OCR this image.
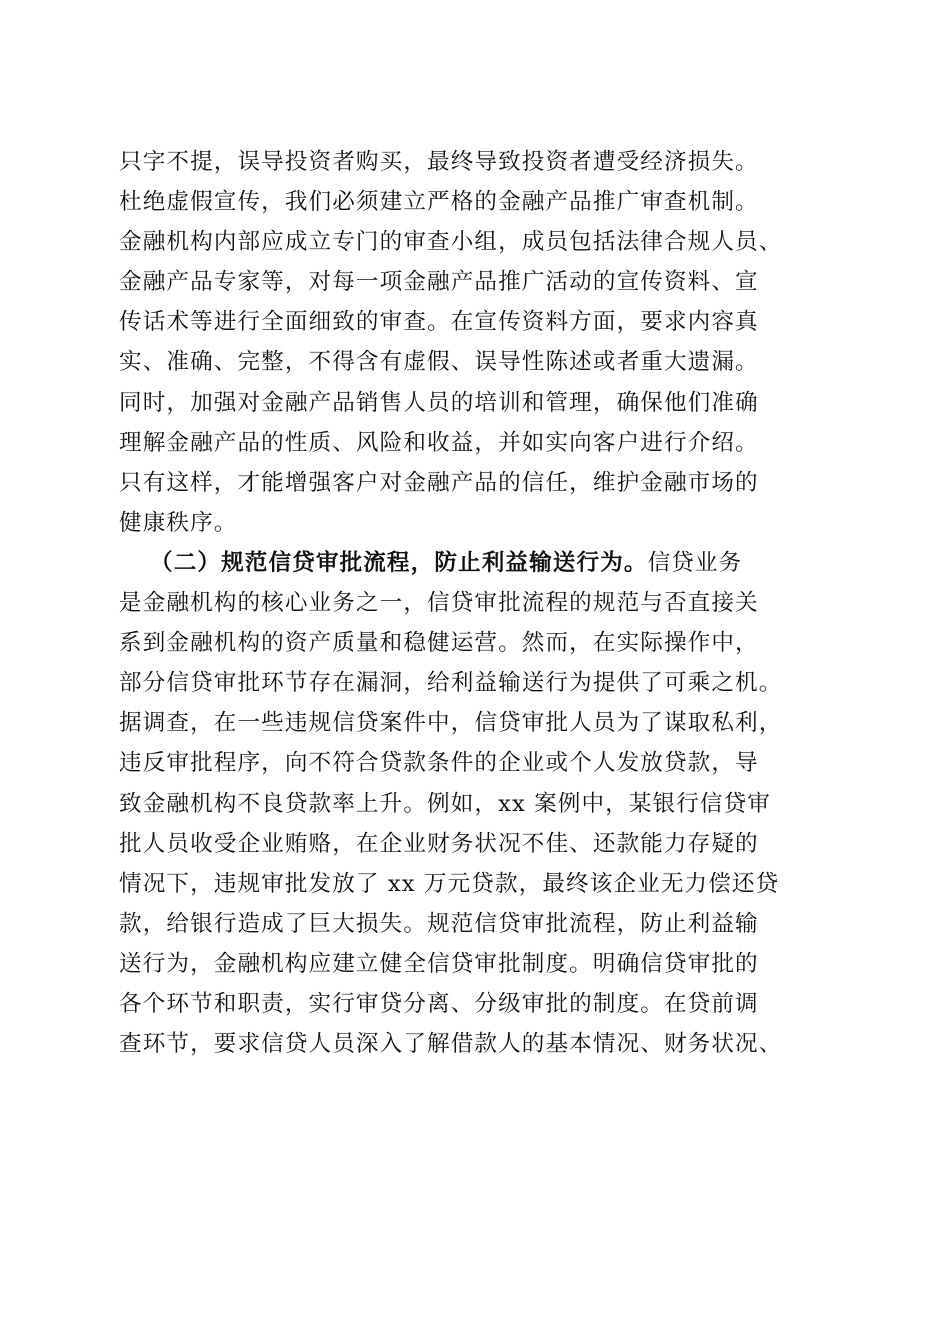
只字不提，误导投资者购买，最终导致投资者遭受经济损失。
杜绝虚假宣传，我们必须建立严格的金融产品推广审查机制。
金融机构内部应成立专门的审查小组，成员包括法律合规人员、
金融产品专家等，对每一项金融产品推广活动的宣传资料、宣
传话术等进行全面细致的审查。在宣传资料方面，要求内容真
实、准确、完整，不得含有虚假、误导性陈述或者重大遗漏。
同时，加强对金融产品销售人员的培训和管理，确保他们准确
理解金融产品的性质、风险和收益，并如实向客户进行介绍。
只有这样，才能增强客户对金融产品的信任，维护金融市场的
健康秩序。
（二）规范信贷审批流程，防止利益输送行为。信贷业务
是金融机构的核心业务之一，信贷审批流程的规范与否直接关
系到金融机构的资产质量和稳健运营。然而，在实际操作中，
部分信贷审批环节存在漏洞，给利益输送行为提供了可乘之机。
据调查，在一些违规信贷案件中，信贷审批人员为了谋取私利，
违反审批程序，向不符合贷款条件的企业或个人发放贷款，导
致金融机构不良贷款率上升。例如，xx 案例中，某银行信贷审
批人员收受企业贿赂，在企业财务状况不佳、还款能力存疑的
情况下，违规审批发放了 xx 万元贷款，最终该企业无力偿还贷
款，给银行造成了巨大损失。规范信贷审批流程，防止利益输
送行为，金融机构应建立健全信贷审批制度。明确信贷审批的
各个环节和职责，实行审贷分离、分级审批的制度。在贷前调
查环节，要求信贷人员深入了解借款人的基本情况、财务状况、
